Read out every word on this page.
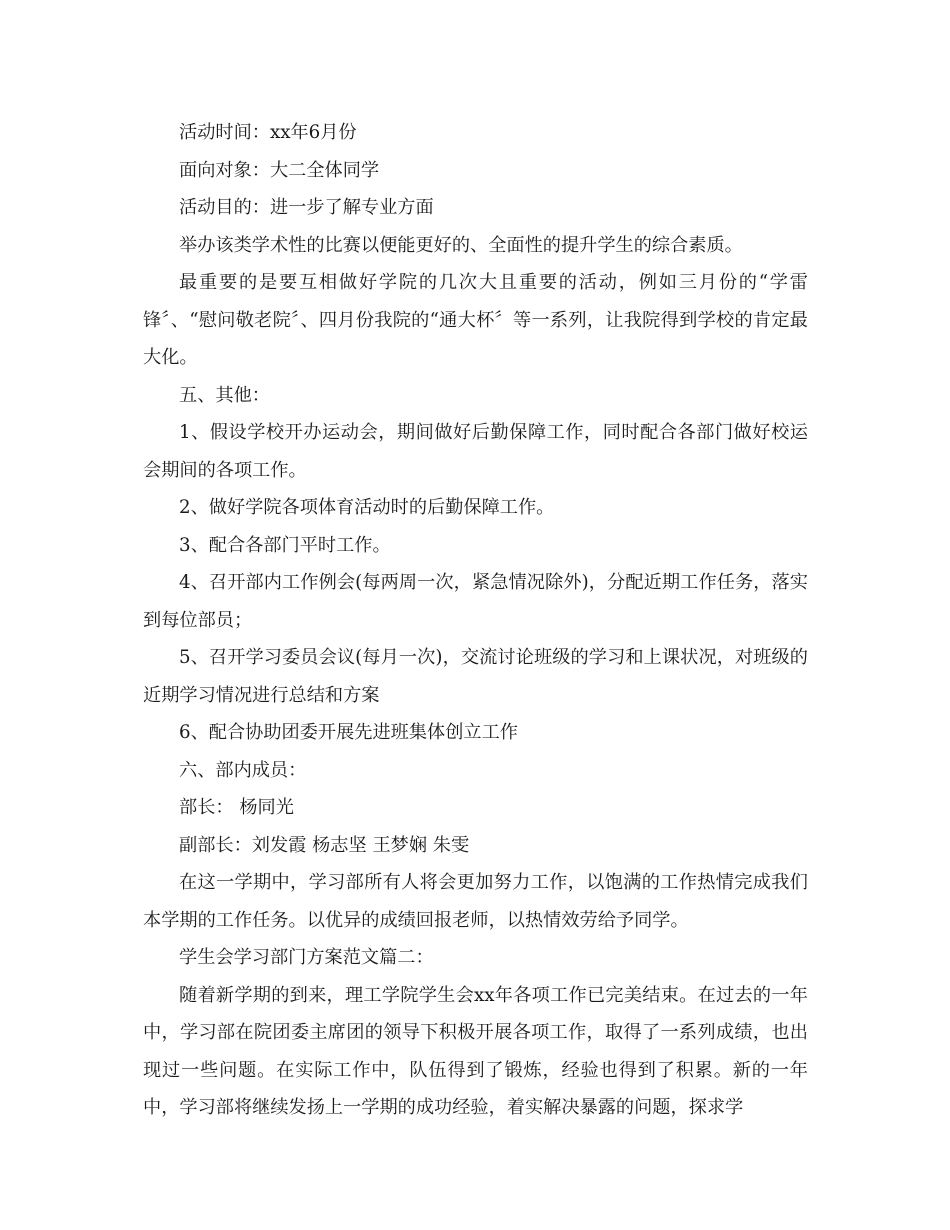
活动时间：xx年6月份

面向对象：大二全体同学

活动目的：进一步了解专业方面

举办该类学术性的比赛以便能更好的、全面性的提升学生的综合素质。

最重要的是要互相做好学院的几次大且重要的活动，例如三月份的“学雷锋〞、“慰问敬老院〞、四月份我院的“通大杯〞等一系列，让我院得到学校的肯定最大化。

五、其他：

1、假设学校开办运动会，期间做好后勤保障工作，同时配合各部门做好校运会期间的各项工作。

2、做好学院各项体育活动时的后勤保障工作。

3、配合各部门平时工作。

4、召开部内工作例会(每两周一次，紧急情况除外)，分配近期工作任务，落实到每位部员；

5、召开学习委员会议(每月一次)，交流讨论班级的学习和上课状况，对班级的近期学习情况进行总结和方案

6、配合协助团委开展先进班集体创立工作

六、部内成员：

部长： 杨同光

副部长：刘发霞 杨志坚 王梦娴 朱雯

在这一学期中，学习部所有人将会更加努力工作，以饱满的工作热情完成我们本学期的工作任务。以优异的成绩回报老师，以热情效劳给予同学。

学生会学习部门方案范文篇二：

随着新学期的到来，理工学院学生会xx年各项工作已完美结束。在过去的一年中，学习部在院团委主席团的领导下积极开展各项工作，取得了一系列成绩，也出现过一些问题。在实际工作中，队伍得到了锻炼，经验也得到了积累。新的一年中，学习部将继续发扬上一学期的成功经验，着实解决暴露的问题，探求学
